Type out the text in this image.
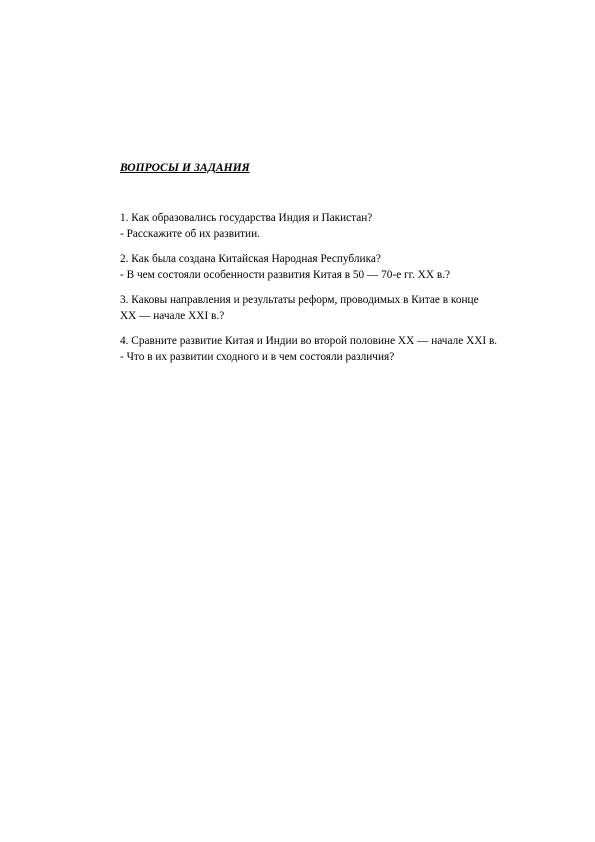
ВОПРОСЫ И ЗАДАНИЯ
1. Как образовались государства Индия и Пакистан?
- Расскажите об их развитии.
2. Как была создана Китайская Народная Республика?
- В чем состояли особенности развития Китая в 50 — 70-е гг. XX в.?
3. Каковы направления и результаты реформ, проводимых в Китае в конце
XX — начале XXI в.?
4. Сравните развитие Китая и Индии во второй половине XX — начале XXI в.
- Что в их развитии сходного и в чем состояли различия?
